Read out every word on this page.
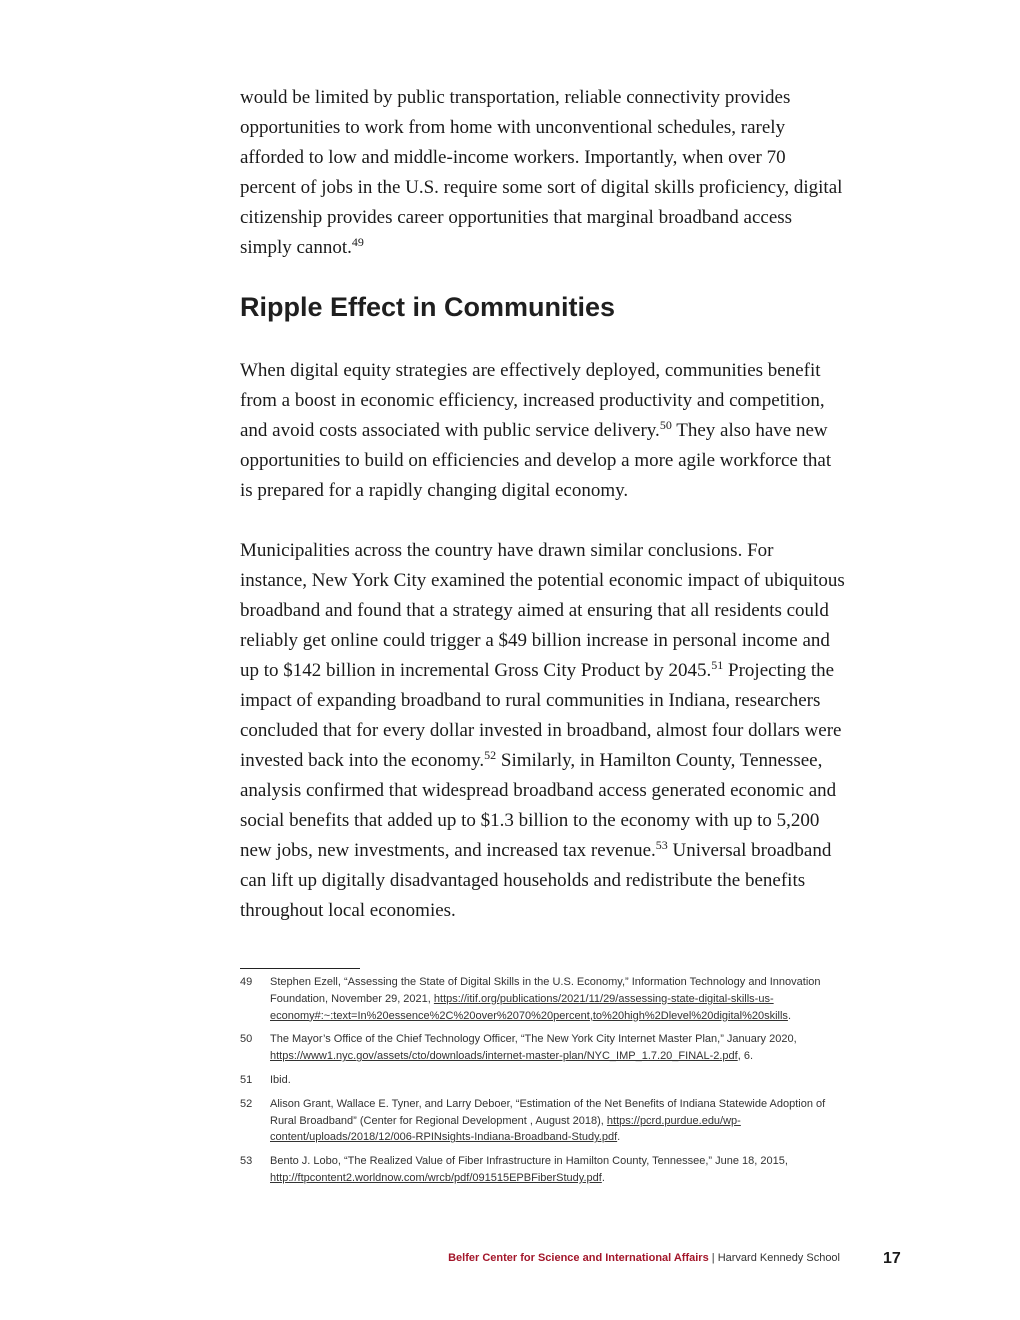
would be limited by public transportation, reliable connectivity provides opportunities to work from home with unconventional schedules, rarely afforded to low and middle-income workers. Importantly, when over 70 percent of jobs in the U.S. require some sort of digital skills proficiency, digital citizenship provides career opportunities that marginal broadband access simply cannot.$^{49}$

Ripple Effect in Communities

When digital equity strategies are effectively deployed, communities benefit from a boost in economic efficiency, increased productivity and competition, and avoid costs associated with public service delivery.$^{50}$ They also have new opportunities to build on efficiencies and develop a more agile workforce that is prepared for a rapidly changing digital economy.

Municipalities across the country have drawn similar conclusions. For instance, New York City examined the potential economic impact of ubiquitous broadband and found that a strategy aimed at ensuring that all residents could reliably get online could trigger a $49 billion increase in personal income and up to $142 billion in incremental Gross City Product by 2045.51 Projecting the impact of expanding broadband to rural communities in Indiana, researchers concluded that for every dollar invested in broadband, almost four dollars were invested back into the economy.$^{52}$ Similarly, in Hamilton County, Tennessee, analysis confirmed that widespread broadband access generated economic and social benefits that added up to $1.3 billion to the economy with up to 5,200 new jobs, new investments, and increased tax revenue.$^{53}$ Universal broadband can lift up digitally disadvantaged households and redistribute the benefits throughout local economies.

49	Stephen Ezell, “Assessing the State of Digital Skills in the U.S. Economy,” Information Technology and Innovation Foundation, November 29, 2021, https://itif.org/publications/2021/11/29/assessing-state-digital-skills-us-economy#:~:text=In%20essence%2C%20over%2070%20percent,to%20high%2Dlevel%20digital%20skills.
50	The Mayor’s Office of the Chief Technology Officer, “The New York City Internet Master Plan,” January 2020, https://www1.nyc.gov/assets/cto/downloads/internet-master-plan/NYC_IMP_1.7.20_FINAL-2.pdf, 6.
51	Ibid.
52	Alison Grant, Wallace E. Tyner, and Larry Deboer, “Estimation of the Net Benefits of Indiana Statewide Adoption of Rural Broadband” (Center for Regional Development , August 2018), https://pcrd.purdue.edu/wp-content/uploads/2018/12/006-RPINsights-Indiana-Broadband-Study.pdf.
53	Bento J. Lobo, “The Realized Value of Fiber Infrastructure in Hamilton County, Tennessee,” June 18, 2015, http://ftpcontent2.worldnow.com/wrcb/pdf/091515EPBFiberStudy.pdf.
Belfer Center for Science and International Affairs | Harvard Kennedy School	17
